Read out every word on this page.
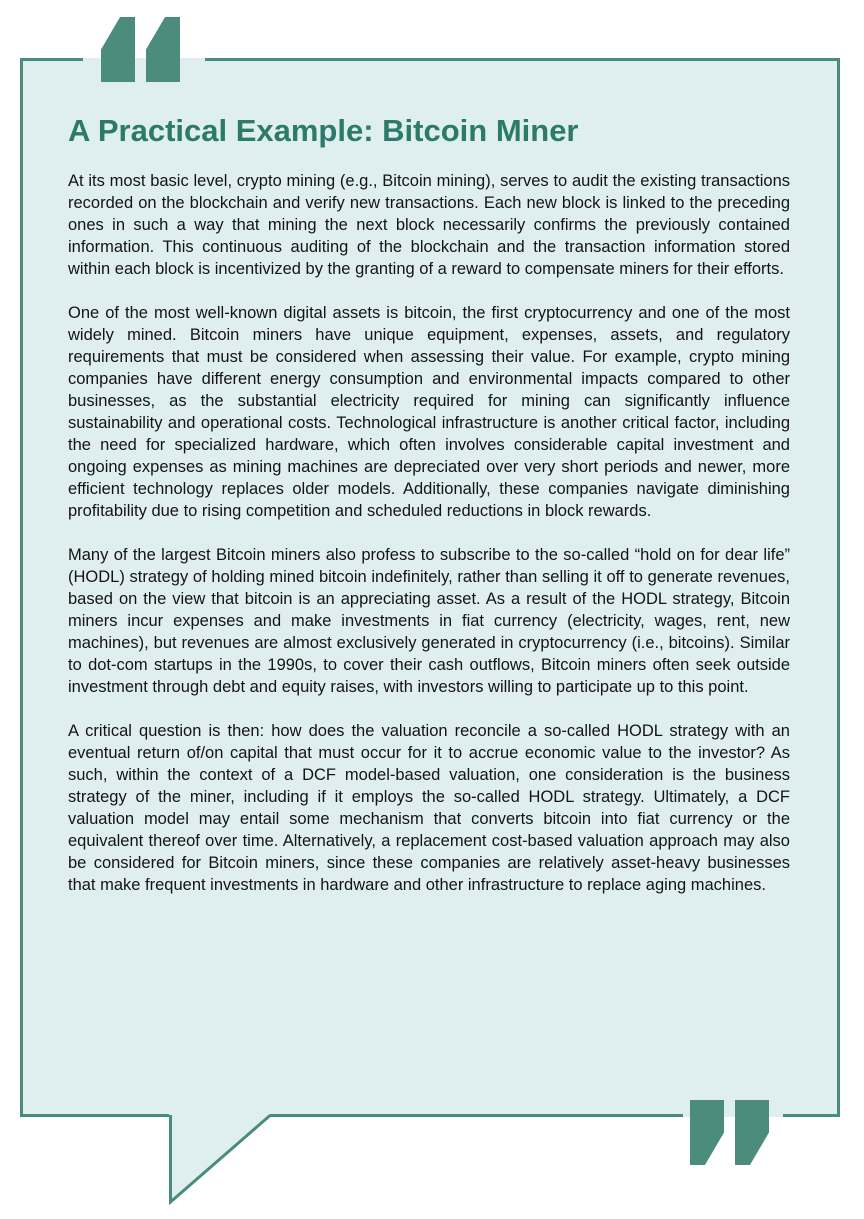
A Practical Example: Bitcoin Miner

At its most basic level, crypto mining (e.g., Bitcoin mining), serves to audit the existing transactions recorded on the blockchain and verify new transactions. Each new block is linked to the preceding ones in such a way that mining the next block necessarily confirms the previously contained information. This continuous auditing of the blockchain and the transaction information stored within each block is incentivized by the granting of a reward to compensate miners for their efforts.

One of the most well-known digital assets is bitcoin, the first cryptocurrency and one of the most widely mined. Bitcoin miners have unique equipment, expenses, assets, and regulatory requirements that must be considered when assessing their value. For example, crypto mining companies have different energy consumption and environmental impacts compared to other businesses, as the substantial electricity required for mining can significantly influence sustainability and operational costs. Technological infrastructure is another critical factor, including the need for specialized hardware, which often involves considerable capital investment and ongoing expenses as mining machines are depreciated over very short periods and newer, more efficient technology replaces older models. Additionally, these companies navigate diminishing profitability due to rising competition and scheduled reductions in block rewards.

Many of the largest Bitcoin miners also profess to subscribe to the so-called “hold on for dear life” (HODL) strategy of holding mined bitcoin indefinitely, rather than selling it off to generate revenues, based on the view that bitcoin is an appreciating asset. As a result of the HODL strategy, Bitcoin miners incur expenses and make investments in fiat currency (electricity, wages, rent, new machines), but revenues are almost exclusively generated in cryptocurrency (i.e., bitcoins). Similar to dot-com startups in the 1990s, to cover their cash outflows, Bitcoin miners often seek outside investment through debt and equity raises, with investors willing to participate up to this point.

A critical question is then: how does the valuation reconcile a so-called HODL strategy with an eventual return of/on capital that must occur for it to accrue economic value to the investor? As such, within the context of a DCF model-based valuation, one consideration is the business strategy of the miner, including if it employs the so-called HODL strategy. Ultimately, a DCF valuation model may entail some mechanism that converts bitcoin into fiat currency or the equivalent thereof over time. Alternatively, a replacement cost-based valuation approach may also be considered for Bitcoin miners, since these companies are relatively asset-heavy businesses that make frequent investments in hardware and other infrastructure to replace aging machines.
